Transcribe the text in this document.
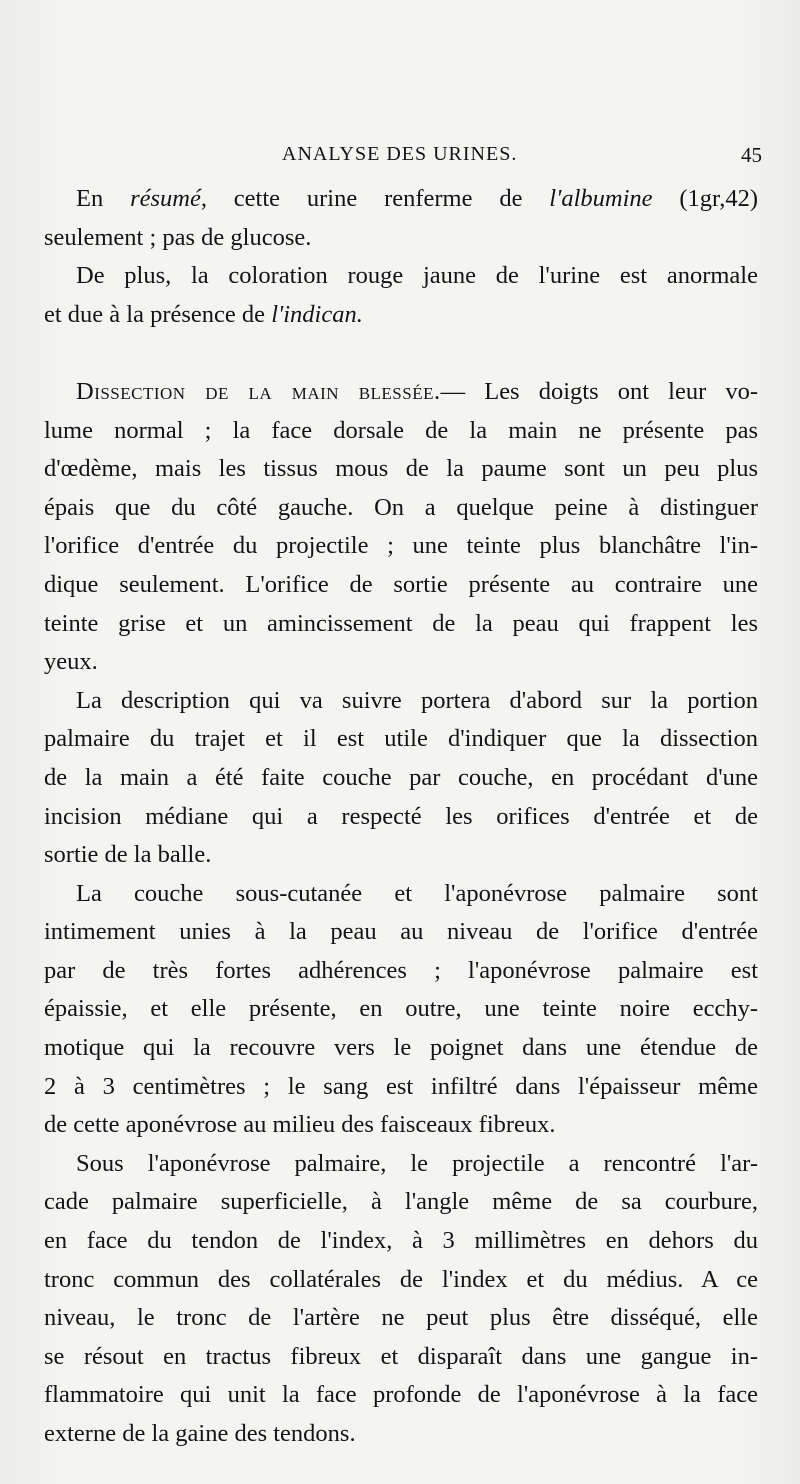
ANALYSE DES URINES.	45
En résumé, cette urine renferme de l'albumine (1gr,42)
seulement ; pas de glucose.
De plus, la coloration rouge jaune de l'urine est anormale
et due à la présence de l'indican.
Dissection de la main blessée.— Les doigts ont leur vo-
lume normal ; la face dorsale de la main ne présente pas
d'œdème, mais les tissus mous de la paume sont un peu plus
épais que du côté gauche. On a quelque peine à distinguer
l'orifice d'entrée du projectile ; une teinte plus blanchâtre l'in-
dique seulement. L'orifice de sortie présente au contraire une
teinte grise et un amincissement de la peau qui frappent les
yeux.
La description qui va suivre portera d'abord sur la portion
palmaire du trajet et il est utile d'indiquer que la dissection
de la main a été faite couche par couche, en procédant d'une
incision médiane qui a respecté les orifices d'entrée et de
sortie de la balle.
La couche sous-cutanée et l'aponévrose palmaire sont
intimement unies à la peau au niveau de l'orifice d'entrée
par de très fortes adhérences ; l'aponévrose palmaire est
épaissie, et elle présente, en outre, une teinte noire ecchy-
motique qui la recouvre vers le poignet dans une étendue de
2 à 3 centimètres ; le sang est infiltré dans l'épaisseur même
de cette aponévrose au milieu des faisceaux fibreux.
Sous l'aponévrose palmaire, le projectile a rencontré l'ar-
cade palmaire superficielle, à l'angle même de sa courbure,
en face du tendon de l'index, à 3 millimètres en dehors du
tronc commun des collatérales de l'index et du médius. A ce
niveau, le tronc de l'artère ne peut plus être disséqué, elle
se résout en tractus fibreux et disparaît dans une gangue in-
flammatoire qui unit la face profonde de l'aponévrose à la face
externe de la gaine des tendons.
